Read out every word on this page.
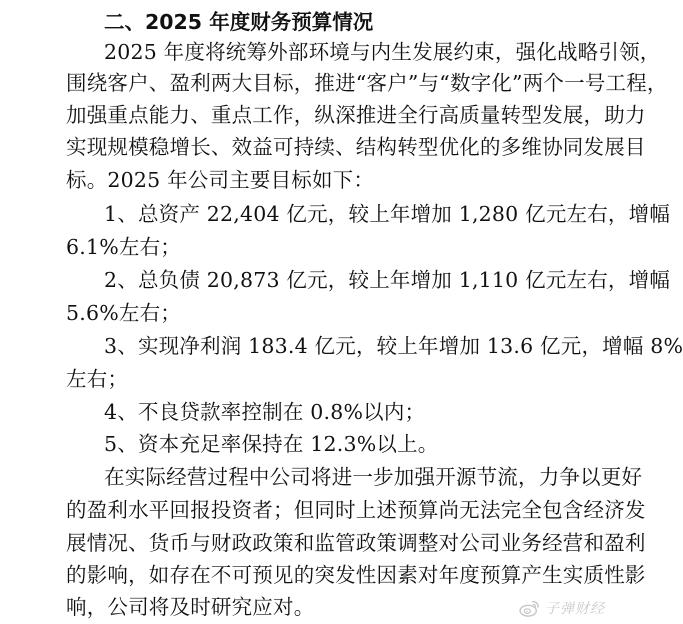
二、2025 年度财务预算情况
2025 年度将统筹外部环境与内生发展约束，强化战略引领，
围绕客户、盈利两大目标，推进“客户”与“数字化”两个一号工程，
加强重点能力、重点工作，纵深推进全行高质量转型发展，助力
实现规模稳增长、效益可持续、结构转型优化的多维协同发展目
标。2025 年公司主要目标如下：
1、总资产 22,404 亿元，较上年增加 1,280 亿元左右，增幅
6.1%左右；
2、总负债 20,873 亿元，较上年增加 1,110 亿元左右，增幅
5.6%左右；
3、实现净利润 183.4 亿元，较上年增加 13.6 亿元，增幅 8%
左右；
4、不良贷款率控制在 0.8%以内；
5、资本充足率保持在 12.3%以上。
在实际经营过程中公司将进一步加强开源节流，力争以更好
的盈利水平回报投资者；但同时上述预算尚无法完全包含经济发
展情况、货币与财政政策和监管政策调整对公司业务经营和盈利
的影响，如存在不可预见的突发性因素对年度预算产生实质性影
响，公司将及时研究应对。	子弹财经
